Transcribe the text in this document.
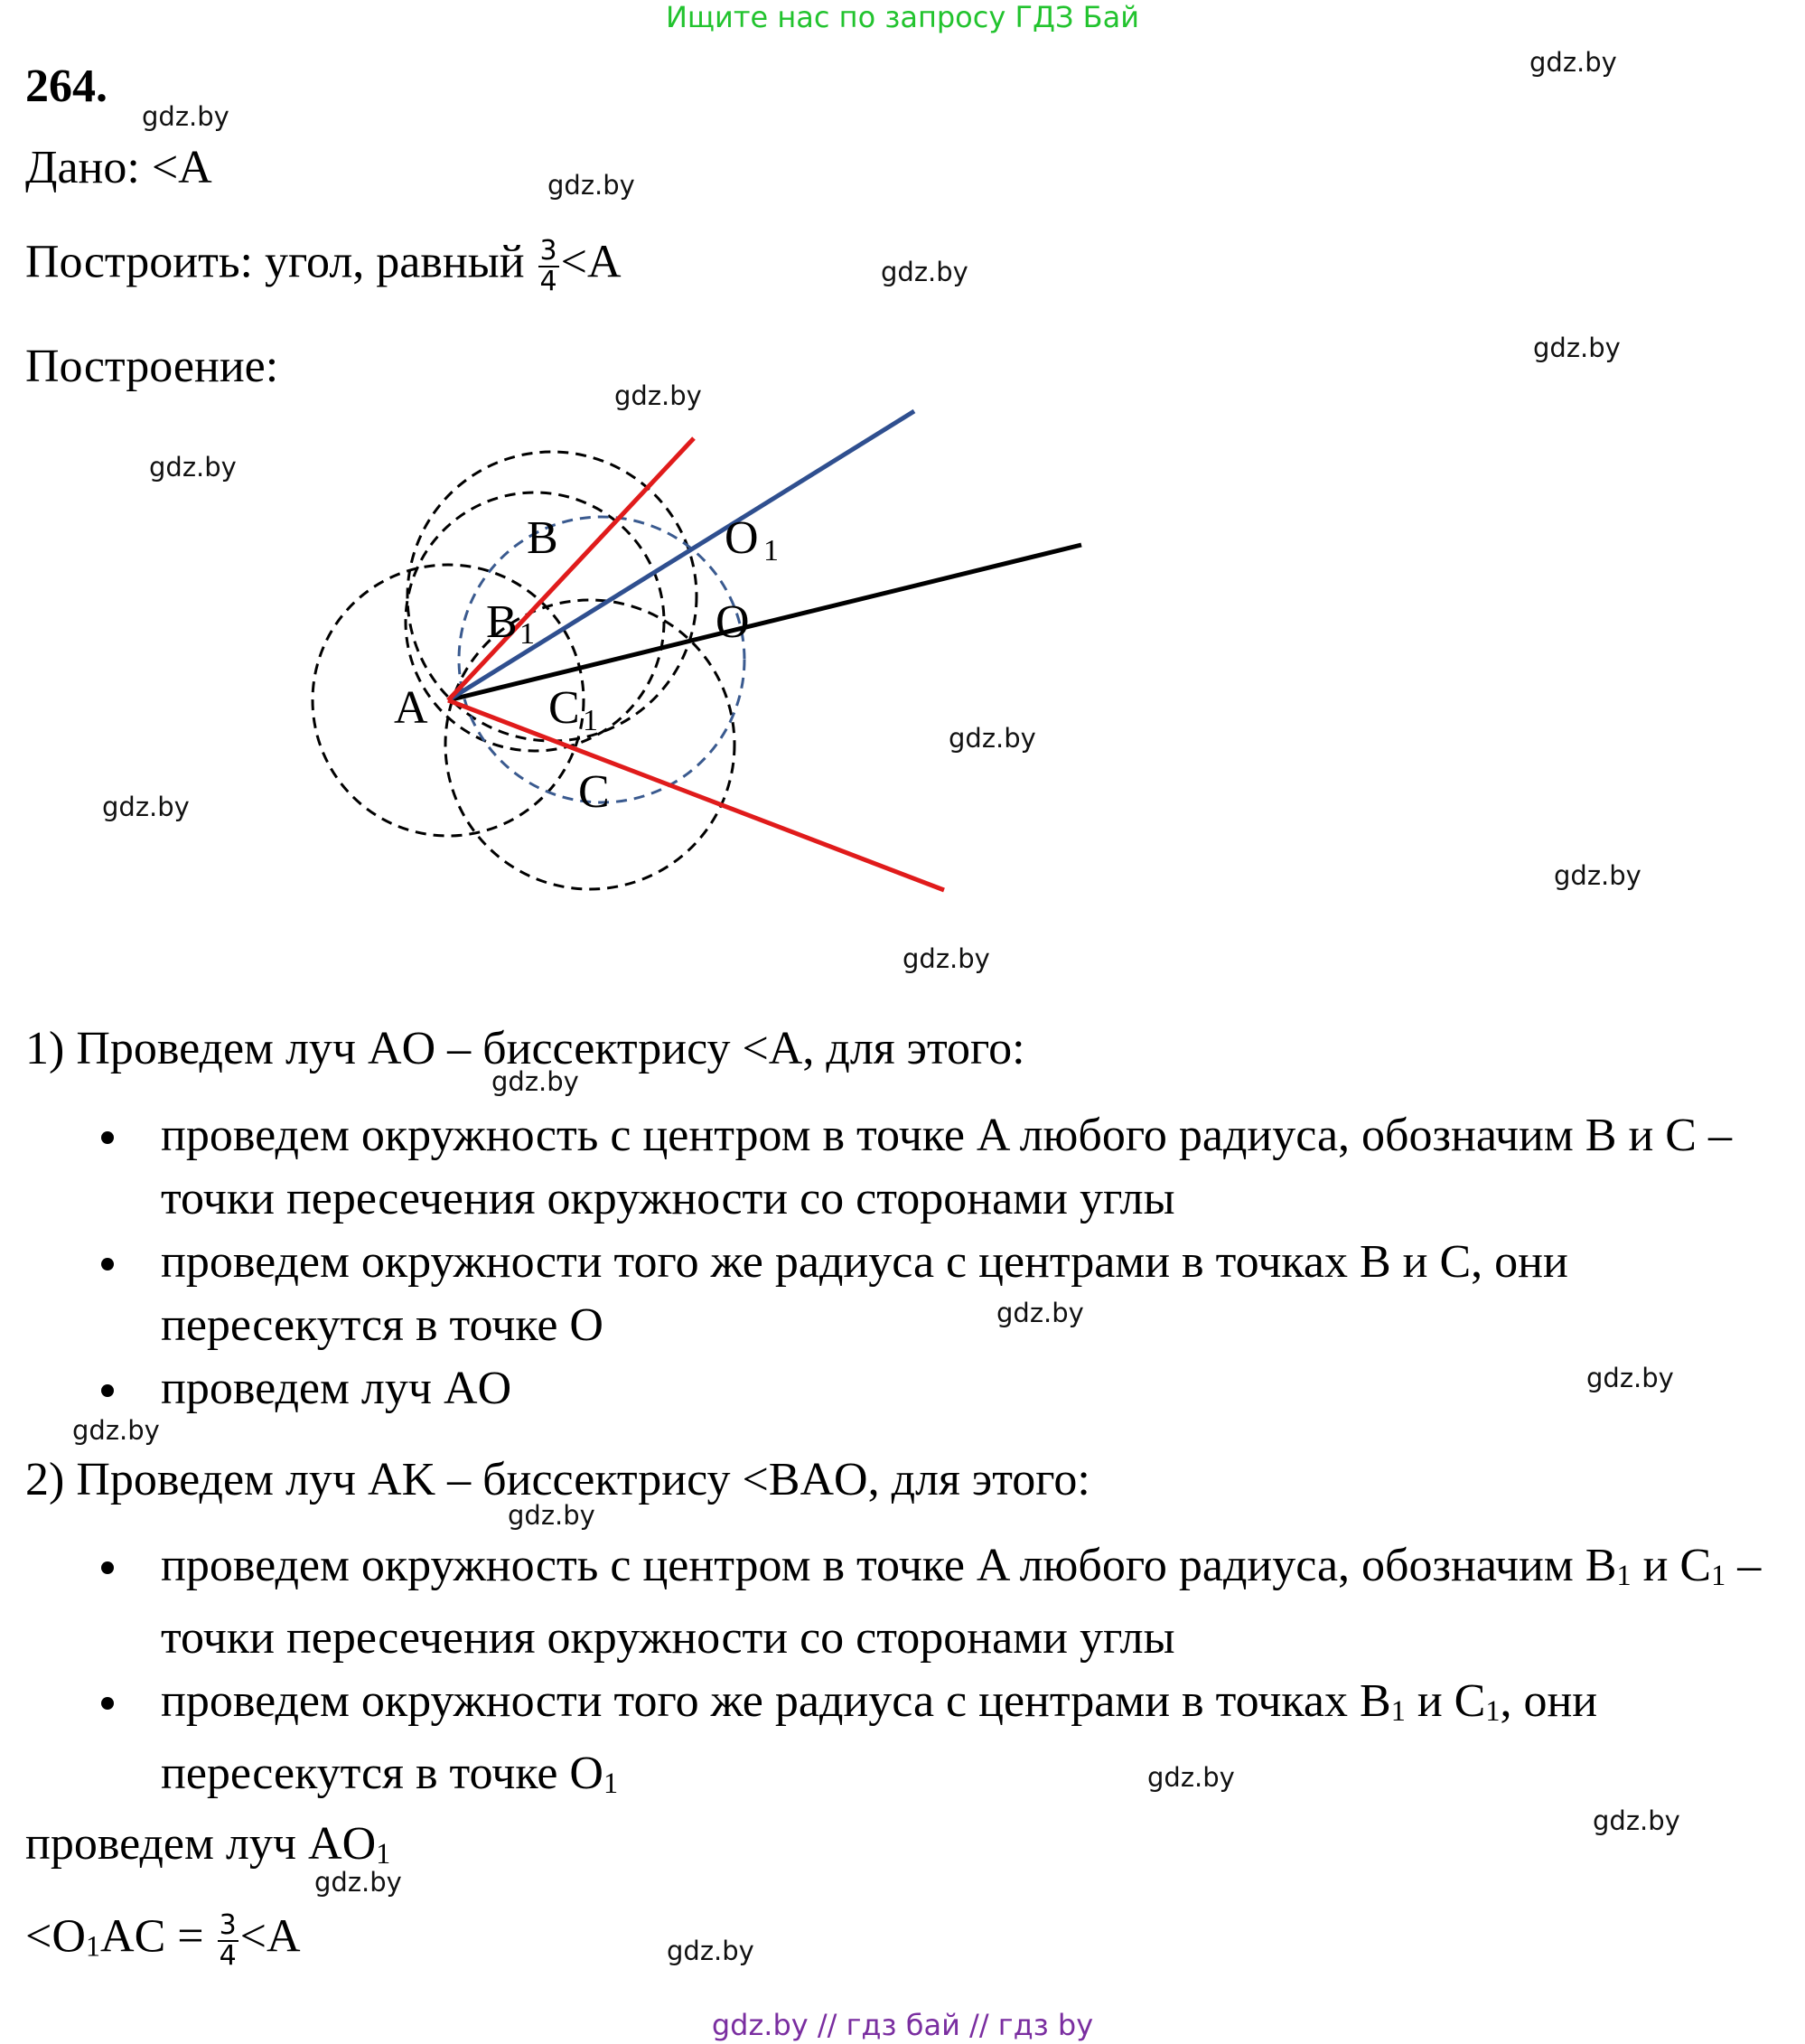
Ищите нас по запросу ГДЗ Бай
264.
Дано: <A
Построить: угол, равный $\frac{3}{4} <A$
Построение:
A
B
B 1
C 1
C
O
O 1
1) Проведем луч AO – биссектрису <A, для этого:
проведем окружность с центром в точке A любого радиуса, обозначим B и C – точки пересечения окружности со сторонами углы
проведем окружности того же радиуса с центрами в точках B и C, они пересекутся в точке O
проведем луч AO
2) Проведем луч AK – биссектрису <BAO, для этого:
проведем окружность с центром в точке A любого радиуса, обозначим $B_1$ и $C_1$ – точки пересечения окружности со сторонами углы
проведем окружности того же радиуса с центрами в точках $B_1$ и $C_1$, они пересекутся в точке $O_1$
проведем луч $AO_1$
$<O_1AC = \frac{3}{4} <A$
gdz.by
gdz.by
gdz.by
gdz.by
gdz.by
gdz.by
gdz.by
gdz.by
gdz.by
gdz.by
gdz.by
gdz.by
gdz.by
gdz.by
gdz.by
gdz.by
gdz.by
gdz.by
gdz.by
gdz.by
gdz.by // гдз бай // гдз by
